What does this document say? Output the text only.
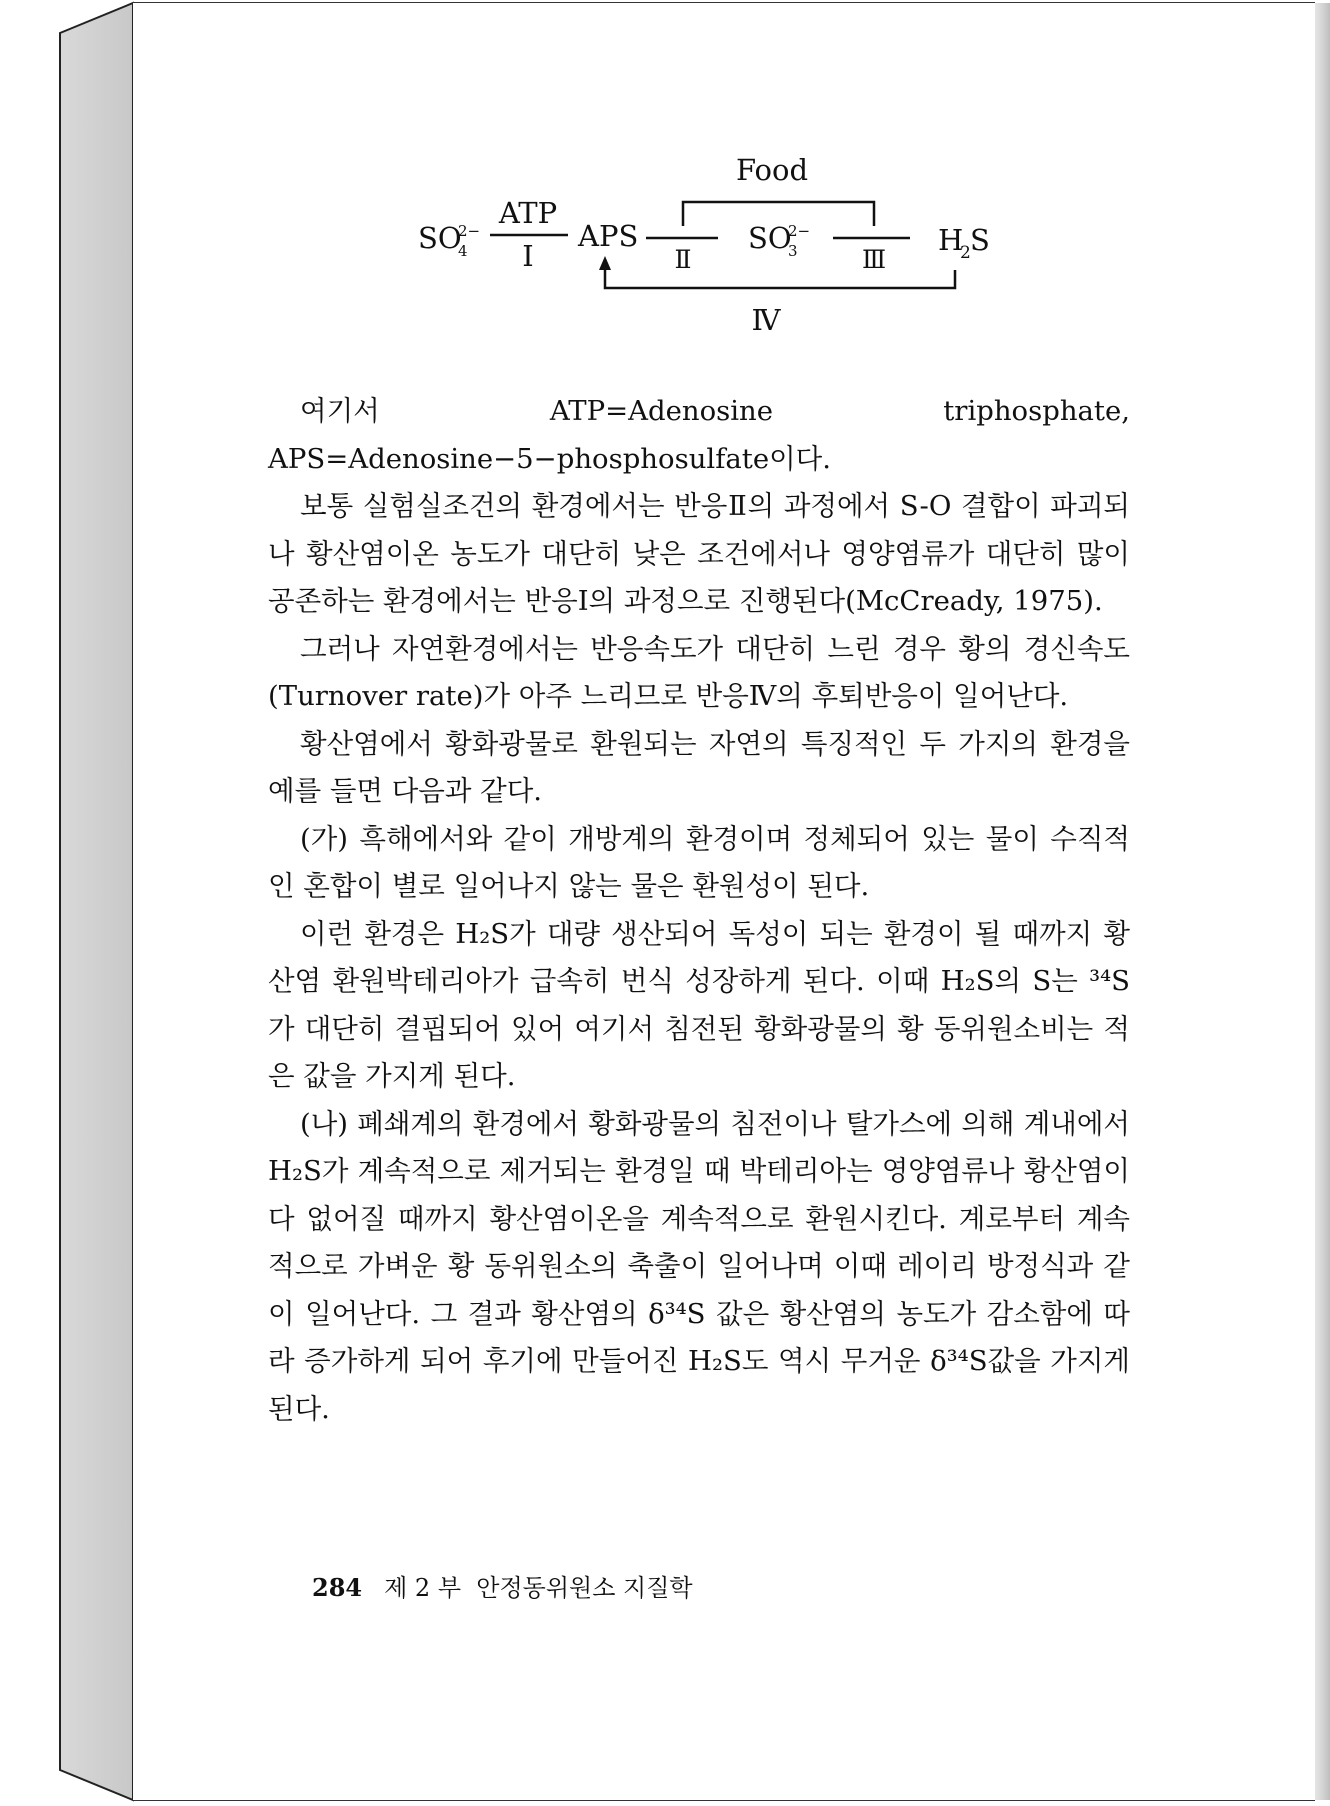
Food
SO
2−
4
ATP
I
APS
Ⅱ
SO
2−
3	Ⅲ
H
2 S
Ⅳ

여기서 ATP=Adenosine triphosphate, APS=Adenosine−5−phosphosulfate이다.

보통 실험실조건의 환경에서는 반응Ⅱ의 과정에서 S-O 결합이 파괴되나 황산염이온 농도가 대단히 낮은 조건에서나 영양염류가 대단히 많이 공존하는 환경에서는 반응Ⅰ의 과정으로 진행된다(McCready, 1975).

그러나 자연환경에서는 반응속도가 대단히 느린 경우 황의 경신속도(Turnover rate)가 아주 느리므로 반응Ⅳ의 후퇴반응이 일어난다.

황산염에서 황화광물로 환원되는 자연의 특징적인 두 가지의 환경을 예를 들면 다음과 같다.

(가) 흑해에서와 같이 개방계의 환경이며 정체되어 있는 물이 수직적인 혼합이 별로 일어나지 않는 물은 환원성이 된다.

이런 환경은 H₂S가 대량 생산되어 독성이 되는 환경이 될 때까지 황산염 환원박테리아가 급속히 번식 성장하게 된다. 이때 H₂S의 S는 ³⁴S가 대단히 결핍되어 있어 여기서 침전된 황화광물의 황 동위원소비는 적은 값을 가지게 된다.

(나) 폐쇄계의 환경에서 황화광물의 침전이나 탈가스에 의해 계내에서 H₂S가 계속적으로 제거되는 환경일 때 박테리아는 영양염류나 황산염이 다 없어질 때까지 황산염이온을 계속적으로 환원시킨다. 계로부터 계속적으로 가벼운 황 동위원소의 축출이 일어나며 이때 레이리 방정식과 같이 일어난다. 그 결과 황산염의 δ³⁴S 값은 황산염의 농도가 감소함에 따라 증가하게 되어 후기에 만들어진 H₂S도 역시 무거운 δ³⁴S값을 가지게 된다.

284 제 2 부 안정동위원소 지질학
